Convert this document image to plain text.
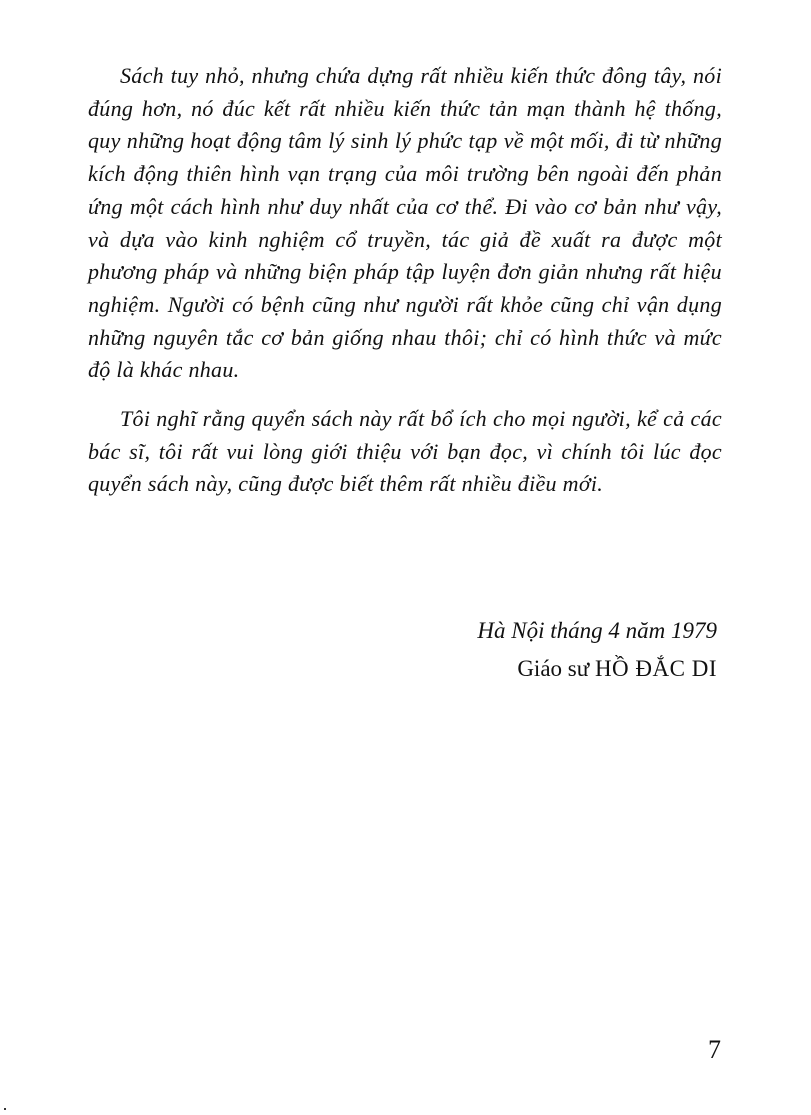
Sách tuy nhỏ, nhưng chứa dựng rất nhiều kiến thức đông tây, nói đúng hơn, nó đúc kết rất nhiều kiến thức tản mạn thành hệ thống, quy những hoạt động tâm lý sinh lý phức tạp về một mối, đi từ những kích động thiên hình vạn trạng của môi trường bên ngoài đến phản ứng một cách hình như duy nhất của cơ thể. Đi vào cơ bản như vậy, và dựa vào kinh nghiệm cổ truyền, tác giả đề xuất ra được một phương pháp và những biện pháp tập luyện đơn giản nhưng rất hiệu nghiệm. Người có bệnh cũng như người rất khỏe cũng chỉ vận dụng những nguyên tắc cơ bản giống nhau thôi; chỉ có hình thức và mức độ là khác nhau.

Tôi nghĩ rằng quyển sách này rất bổ ích cho mọi người, kể cả các bác sĩ, tôi rất vui lòng giới thiệu với bạn đọc, vì chính tôi lúc đọc quyển sách này, cũng được biết thêm rất nhiều điều mới.

Hà Nội tháng 4 năm 1979
Giáo sư HỒ ĐẮC DI
7
